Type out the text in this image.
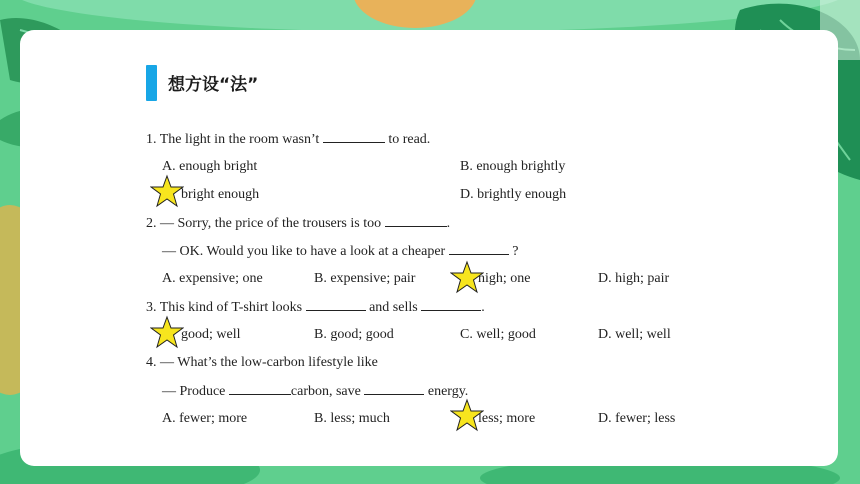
想方设“法”
1. The light in the room wasn’t	to read.
A. enough bright	B. enough brightly
bright enough	D. brightly enough
2. — Sorry, the price of the trousers is too	.
— OK. Would you like to have a look at a cheaper	?
A. expensive; one	B. expensive; pair	high; one	D. high; pair
3. This kind of T-shirt looks	and sells	.
good; well	B. good; good	C. well; good	D. well; well
4. — What’s the low-carbon lifestyle like
— Produce	carbon, save	energy.
A. fewer; more	B. less; much	less; more	D. fewer; less
